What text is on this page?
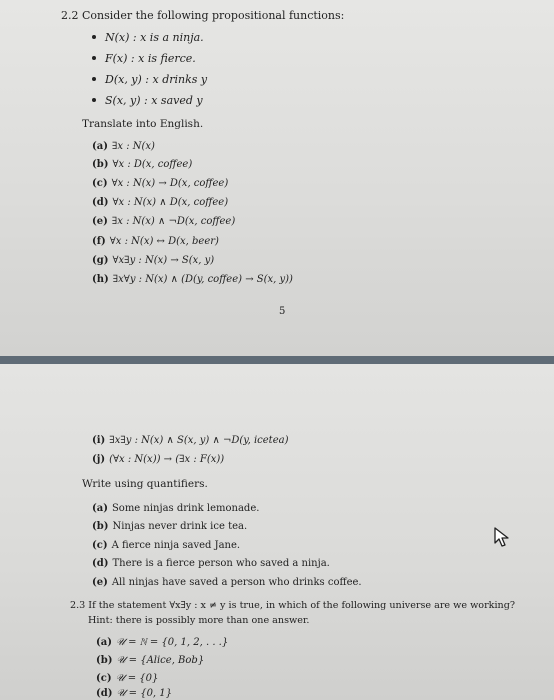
2.2 Consider the following propositional functions:
N(x) : x is a ninja.
F(x) : x is fierce.
D(x, y) : x drinks y
S(x, y) : x saved y
Translate into English.
(a) ∃x : N(x)
(b) ∀x : D(x, coffee)
(c) ∀x : N(x) → D(x, coffee)
(d) ∀x : N(x) ∧ D(x, coffee)
(e) ∃x : N(x) ∧ ¬D(x, coffee)
(f) ∀x : N(x) ↔ D(x, beer)
(g) ∀x∃y : N(x) → S(x, y)
(h) ∃x∀y : N(x) ∧ (D(y, coffee) → S(x, y))
5
(i) ∃x∃y : N(x) ∧ S(x, y) ∧ ¬D(y, icetea)
(j) (∀x : N(x)) → (∃x : F(x))
Write using quantifiers.
(a) Some ninjas drink lemonade.
(b) Ninjas never drink ice tea.
(c) A fierce ninja saved Jane.
(d) There is a fierce person who saved a ninja.
(e) All ninjas have saved a person who drinks coffee.
2.3 If the statement ∀x∃y : x ≠ y is true, in which of the following universe are we working?
Hint: there is possibly more than one answer.
(a) 𝒰 = ℕ = {0, 1, 2, . . .}
(b) 𝒰 = {Alice, Bob}
(c) 𝒰 = {0}
(d) 𝒰 = {0, 1}
